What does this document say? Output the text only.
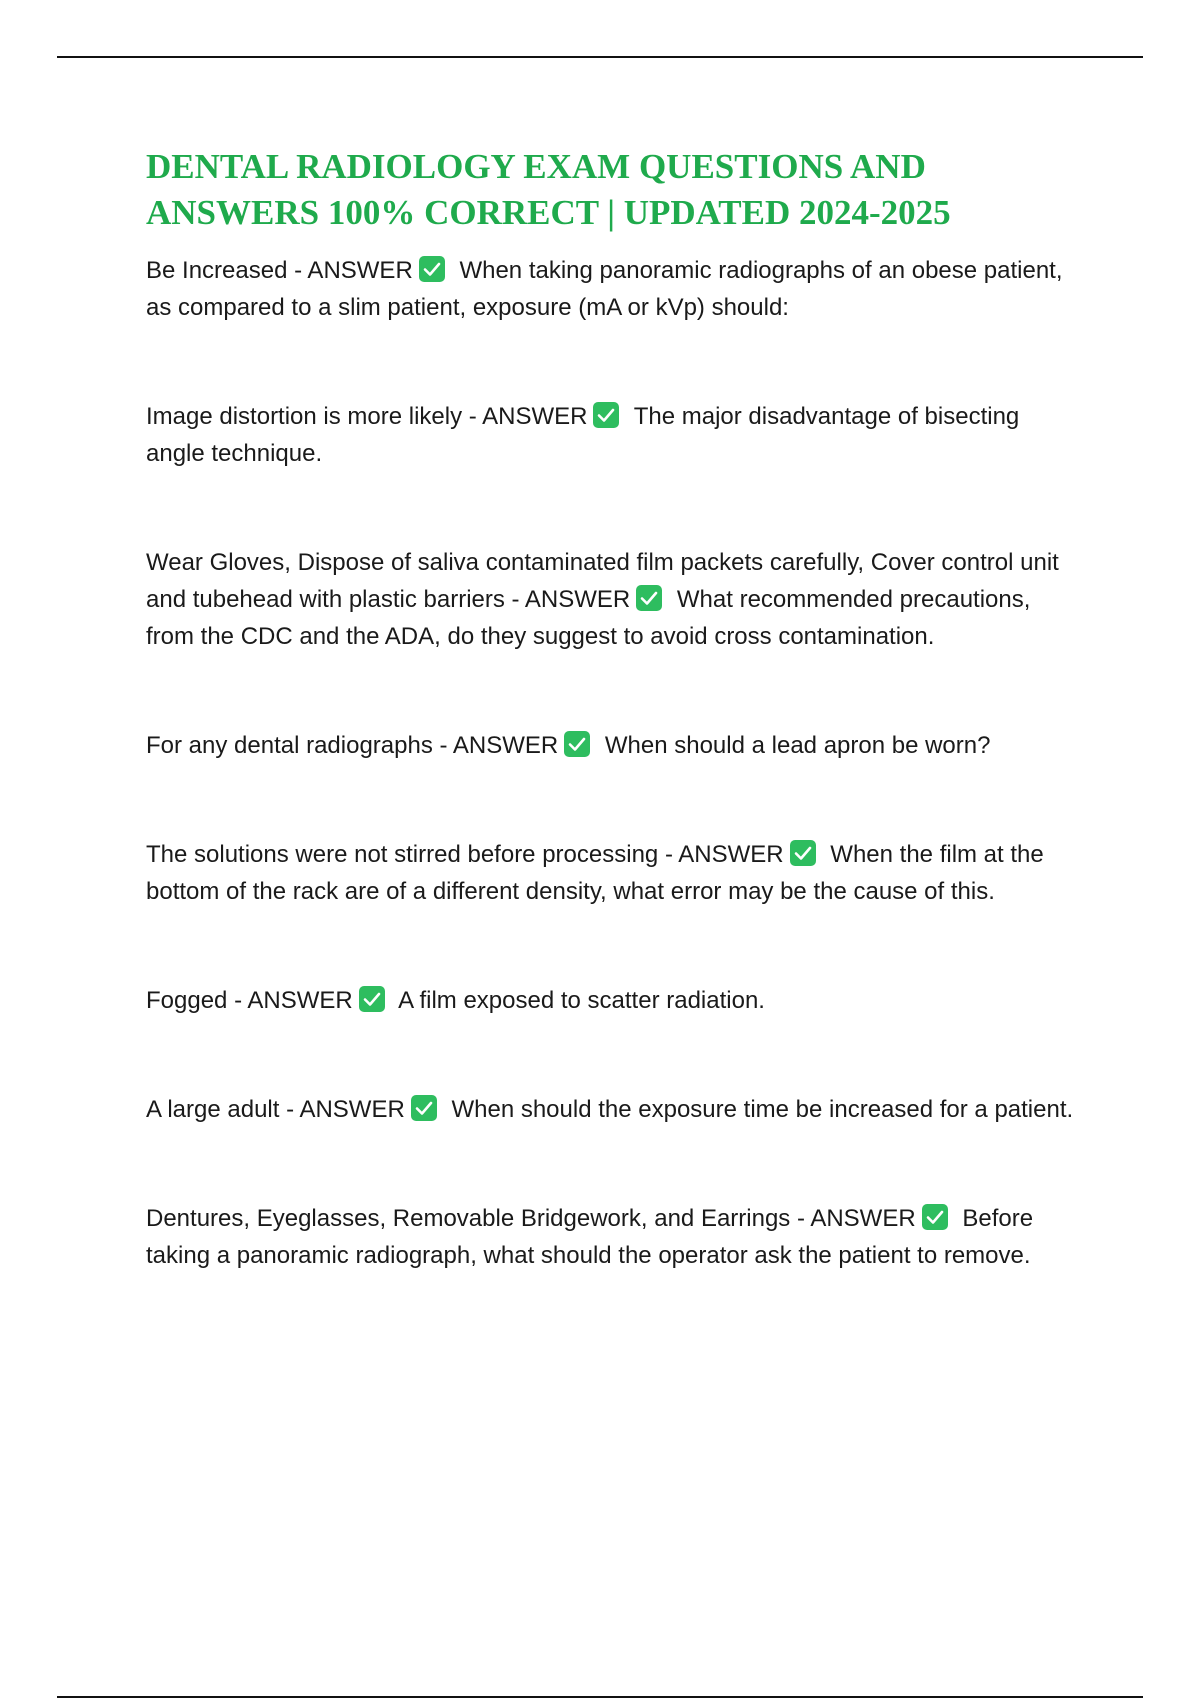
DENTAL RADIOLOGY EXAM QUESTIONS AND ANSWERS 100% CORRECT | UPDATED 2024-2025

Be Increased - ANSWER When taking panoramic radiographs of an obese patient, as compared to a slim patient, exposure (mA or kVp) should:

Image distortion is more likely - ANSWER The major disadvantage of bisecting angle technique.

Wear Gloves, Dispose of saliva contaminated film packets carefully, Cover control unit and tubehead with plastic barriers - ANSWER What recommended precautions, from the CDC and the ADA, do they suggest to avoid cross contamination.

For any dental radiographs - ANSWER When should a lead apron be worn?

The solutions were not stirred before processing - ANSWER When the film at the bottom of the rack are of a different density, what error may be the cause of this.

Fogged - ANSWER A film exposed to scatter radiation.

A large adult - ANSWER When should the exposure time be increased for a patient.

Dentures, Eyeglasses, Removable Bridgework, and Earrings - ANSWER Before taking a panoramic radiograph, what should the operator ask the patient to remove.
